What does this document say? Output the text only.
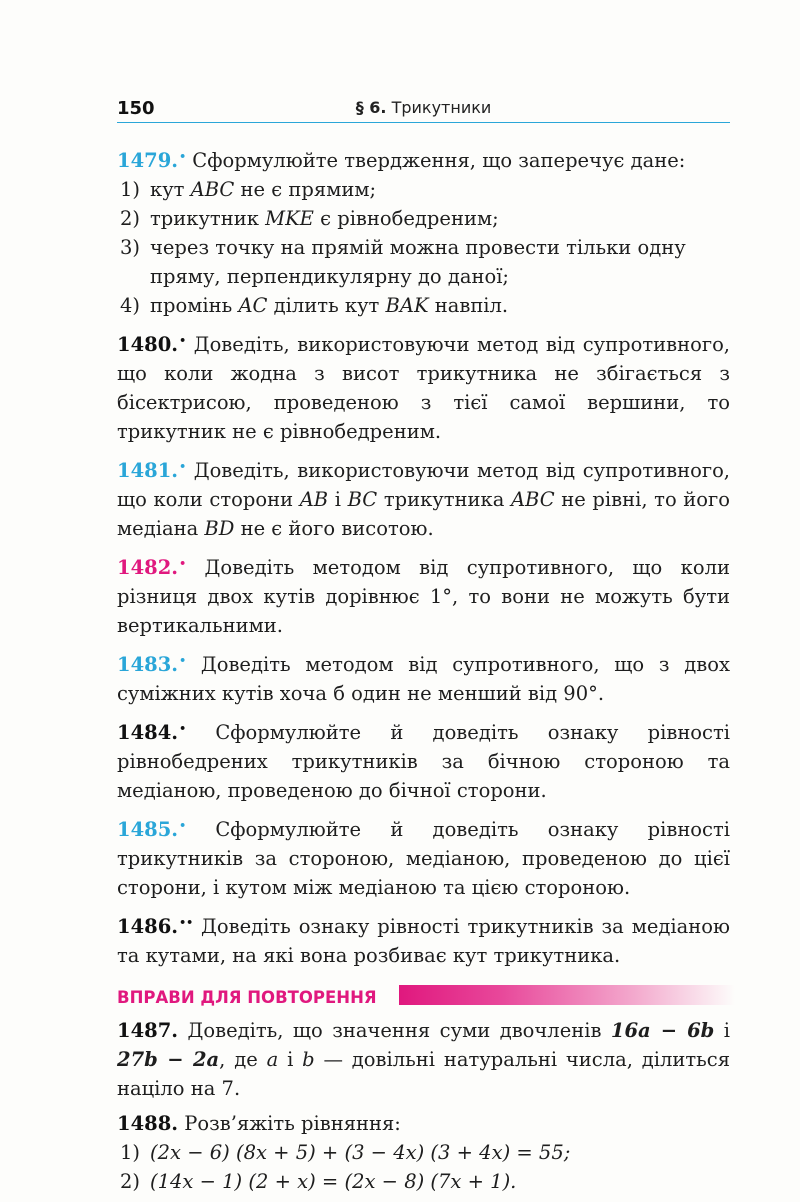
150	§ 6. Трикутники
1479.• Сформулюйте твердження, що заперечує дане:
1) кут ABC не є прямим;
2) трикутник MKE є рівнобедреним;
3) через точку на прямій можна провести тільки одну пряму, перпендикулярну до даної;
4) промінь AC ділить кут BAK навпіл.
1480.• Доведіть, використовуючи метод від супротивного, що коли жодна з висот трикутника не збігається з бісектрисою, проведеною з тієї самої вершини, то трикутник не є рівнобедреним.
1481.• Доведіть, використовуючи метод від супротивного, що коли сторони AB і BC трикутника ABC не рівні, то його медіана BD не є його висотою.
1482.• Доведіть методом від супротивного, що коли різниця двох кутів дорівнює 1°, то вони не можуть бути вертикальними.
1483.• Доведіть методом від супротивного, що з двох суміжних кутів хоча б один не менший від 90°.
1484.• Сформулюйте й доведіть ознаку рівності рівнобедрених трикутників за бічною стороною та медіаною, проведеною до бічної сторони.
1485.• Сформулюйте й доведіть ознаку рівності трикутників за стороною, медіаною, проведеною до цієї сторони, і кутом між медіаною та цією стороною.
1486.•• Доведіть ознаку рівності трикутників за медіаною та кутами, на які вона розбиває кут трикутника.
ВПРАВИ ДЛЯ ПОВТОРЕННЯ
1487. Доведіть, що значення суми двочленів 16a − 6b і 27b − 2a, де a і b — довільні натуральні числа, ділиться націло на 7.
1488. Розв’яжіть рівняння:
1) (2x − 6) (8x + 5) + (3 − 4x) (3 + 4x) = 55;
2) (14x − 1) (2 + x) = (2x − 8) (7x + 1).
